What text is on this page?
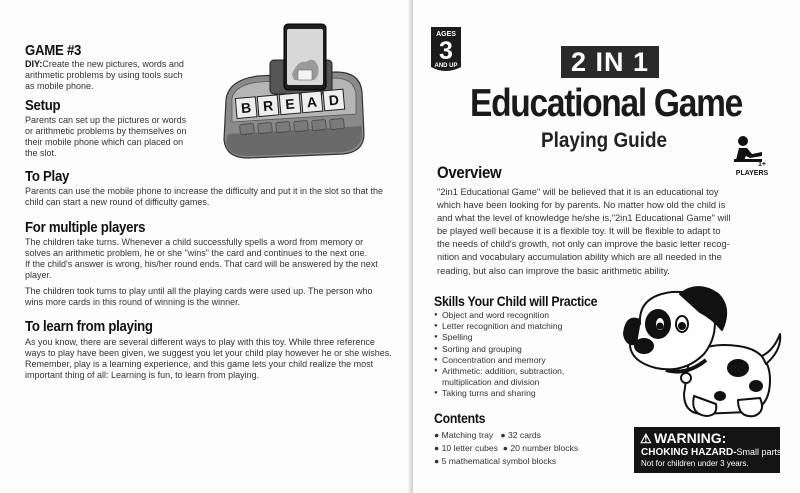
GAME #3
DIY:Create the new pictures, words and
arithmetic problems by using tools such
as mobile phone.
Setup
Parents can set up the pictures or words
or arithmetic problems by themselves on
their mobile phone which can placed on
the slot.
To Play
Parents can use the mobile phone to increase the difficulty and put it in the slot so that the
child can start a new round of difficulty games.
For multiple players
The children take turns. Whenever a child successfully spells a word from memory or
solves an arithmetic problem, he or she "wins" the card and continues to the next one.
If the child's answer is wrong, his/her round ends. That card will be answered by the next
player.
The children took turns to play until all the playing cards were used up. The person who
wins more cards in this round of winning is the winner.
To learn from playing
As you know, there are several different ways to play with this toy. While three reference
ways to play have been given, we suggest you let your child play however he or she wishes.
Remember, play is a learning experience, and this game lets your child realize the most
important thing of all: Learning is fun, to learn from playing.
B R E A D
AGES
3
AND UP	2 IN 1
Educational Game
Playing Guide
1+
PLAYERS
Overview
"2in1 Educational Game" will be believed that it is an educational toy
which have been looking for by parents. No matter how old the child is
and what the level of knowledge he/she is,"2in1 Educational Game" will
be played well because it is a flexible toy. It will be flexible to adapt to
the needs of child's growth, not only can improve the basic letter recog-
nition and vocabulary accumulation ability which are all needed in the
reading, but also can improve the basic arithmetic ability.
Skills Your Child will Practice
● Object and word recognition
● Letter recognition and matching
● Spelling
● Sorting and grouping
● Concentration and memory
● Arithmetic: addition, subtraction,
multiplication and division
● Taking turns and sharing
Contents
● Matching tray ● 32 cards
● 10 letter cubes ● 20 number blocks
● 5 mathematical symbol blocks
⚠ WARNING:
CHOKING HAZARD-Small parts.
Not for children under 3 years.
